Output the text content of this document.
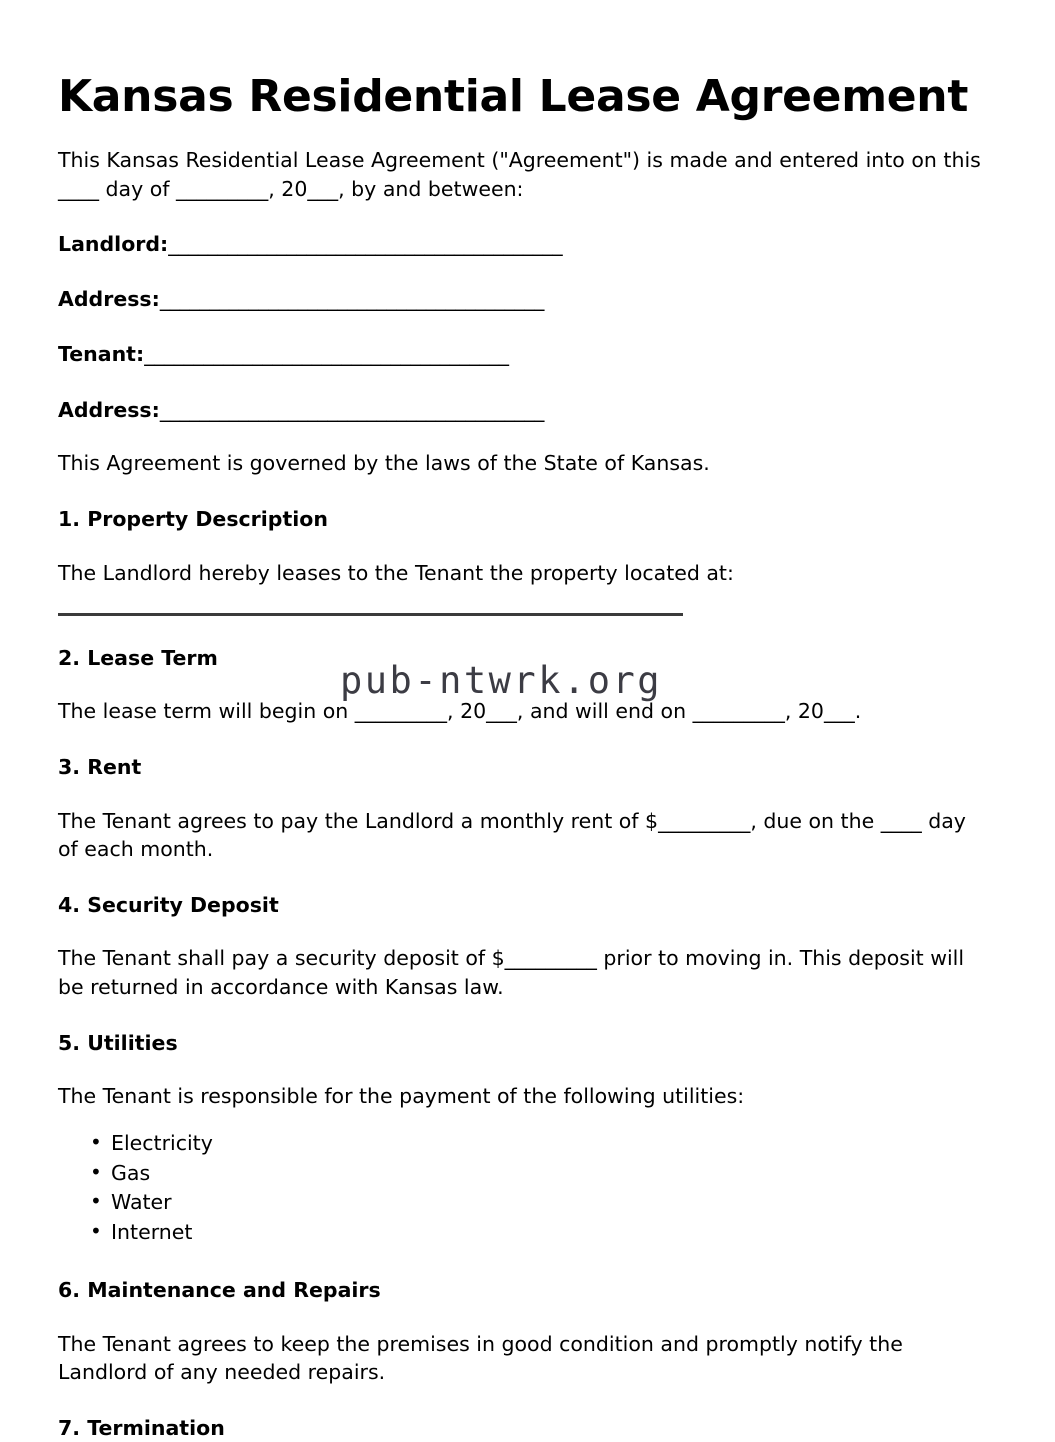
Kansas Residential Lease Agreement

This Kansas Residential Lease Agreement ("Agreement") is made and entered into on this ____ day of _________, 20___, by and between:

Landlord:________________________________________
Address:_______________________________________
Tenant:_____________________________________
Address:_______________________________________

This Agreement is governed by the laws of the State of Kansas.

1. Property Description

The Landlord hereby leases to the Tenant the property located at:

2. Lease Term

The lease term will begin on _________, 20___, and will end on _________, 20___.

3. Rent

The Tenant agrees to pay the Landlord a monthly rent of $_________, due on the ____ day of each month.

4. Security Deposit

The Tenant shall pay a security deposit of $_________ prior to moving in. This deposit will be returned in accordance with Kansas law.

5. Utilities

The Tenant is responsible for the payment of the following utilities:

• Electricity
• Gas
• Water
• Internet
6. Maintenance and Repairs

The Tenant agrees to keep the premises in good condition and promptly notify the Landlord of any needed repairs.

7. Termination
pub-ntwrk.org
